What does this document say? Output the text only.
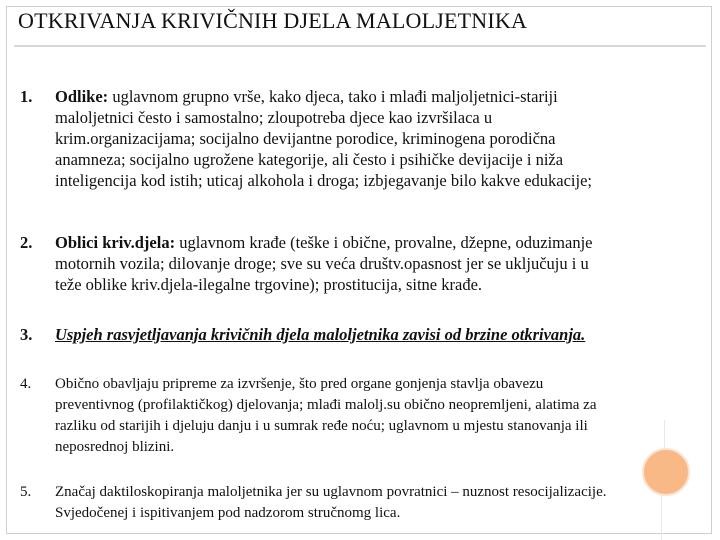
OTKRIVANJA KRIVIČNIH DJELA MALOLJETNIKA
1. Odlike: uglavnom grupno vrše, kako djeca, tako i mlađi maljoljetnici-stariji
maloljetnici često i samostalno; zloupotreba djece kao izvršilaca u
krim.organizacijama; socijalno devijantne porodice, kriminogena porodična
anamneza; socijalno ugrožene kategorije, ali često i psihičke devijacije i niža
inteligencija kod istih; uticaj alkohola i droga; izbjegavanje bilo kakve edukacije;
2. Oblici kriv.djela: uglavnom krađe (teške i obične, provalne, džepne, oduzimanje
motornih vozila; dilovanje droge; sve su veća društv.opasnost jer se uključuju i u
teže oblike kriv.djela-ilegalne trgovine); prostitucija, sitne krađe.
3. Uspjeh rasvjetljavanja krivičnih djela maloljetnika zavisi od brzine otkrivanja.
4. Obično obavljaju pripreme za izvršenje, što pred organe gonjenja stavlja obavezu
preventivnog (profilaktičkog) djelovanja; mlađi malolj.su obično neopremljeni, alatima za
razliku od starijih i djeluju danju i u sumrak ređe noću; uglavnom u mjestu stanovanja ili
neposrednoj blizini.
5. Značaj daktiloskopiranja maloljetnika jer su uglavnom povratnici – nuznost resocijalizacije.
Svjedočenej i ispitivanjem pod nadzorom stručnomg lica.
